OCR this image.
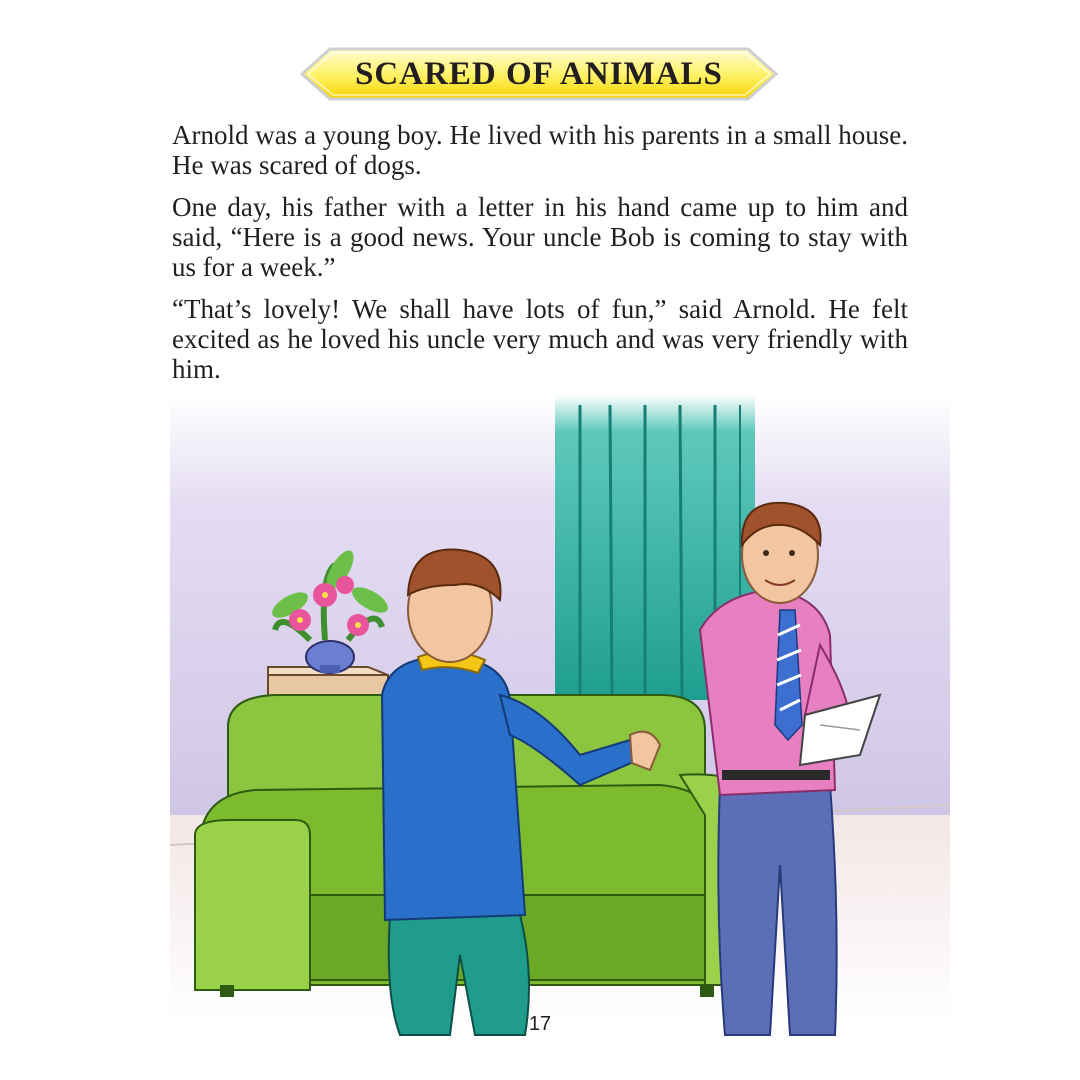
SCARED OF ANIMALS

Arnold was a young boy. He lived with his parents in a small house. He was scared of dogs.

One day, his father with a letter in his hand came up to him and said, “Here is a good news. Your uncle Bob is coming to stay with us for a week.”

“That’s lovely! We shall have lots of fun,” said Arnold. He felt excited as he loved his uncle very much and was very friendly with him.

17
